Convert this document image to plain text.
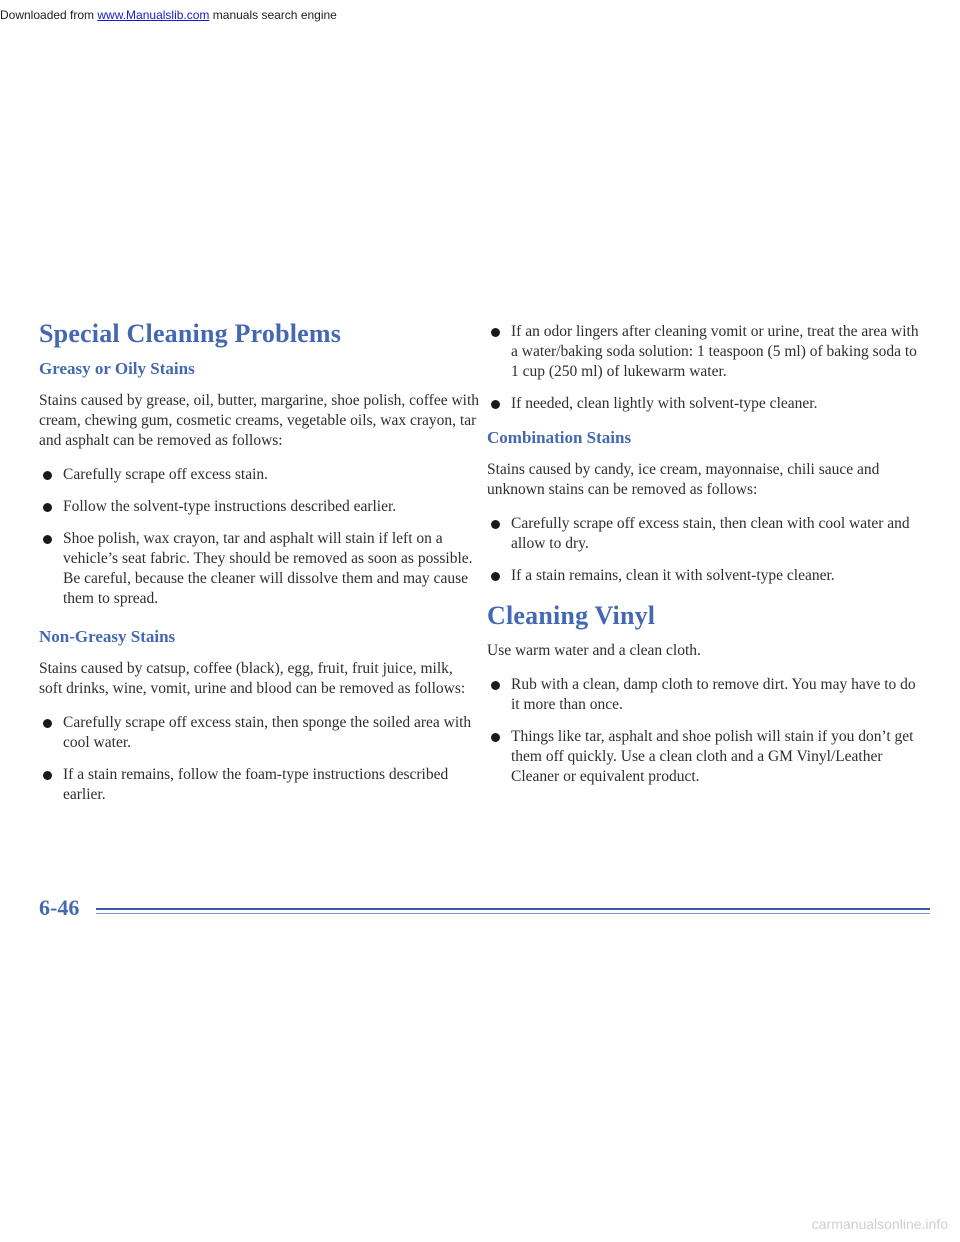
Downloaded from www.Manualslib.com manuals search engine
Special Cleaning Problems
Greasy or Oily Stains

Stains caused by grease, oil, butter, margarine, shoe polish, coffee with cream, chewing gum, cosmetic creams, vegetable oils, wax crayon, tar and asphalt can be removed as follows:

Carefully scrape off excess stain.
Follow the solvent-type instructions described earlier.
Shoe polish, wax crayon, tar and asphalt will stain if left on a vehicle’s seat fabric. They should be removed as soon as possible. Be careful, because the cleaner will dissolve them and may cause them to spread.
Non-Greasy Stains

Stains caused by catsup, coffee (black), egg, fruit, fruit juice, milk, soft drinks, wine, vomit, urine and blood can be removed as follows:

Carefully scrape off excess stain, then sponge the soiled area with cool water.
If a stain remains, follow the foam-type instructions described earlier.
If an odor lingers after cleaning vomit or urine, treat the area with a water/baking soda solution: 1 teaspoon (5 ml) of baking soda to 1 cup (250 ml) of lukewarm water.
If needed, clean lightly with solvent-type cleaner.
Combination Stains

Stains caused by candy, ice cream, mayonnaise, chili sauce and unknown stains can be removed as follows:

Carefully scrape off excess stain, then clean with cool water and allow to dry.
If a stain remains, clean it with solvent-type cleaner.
Cleaning Vinyl

Use warm water and a clean cloth.

Rub with a clean, damp cloth to remove dirt. You may have to do it more than once.
Things like tar, asphalt and shoe polish will stain if you don’t get them off quickly. Use a clean cloth and a GM Vinyl/Leather Cleaner or equivalent product.
6-46
carmanualsonline.info
